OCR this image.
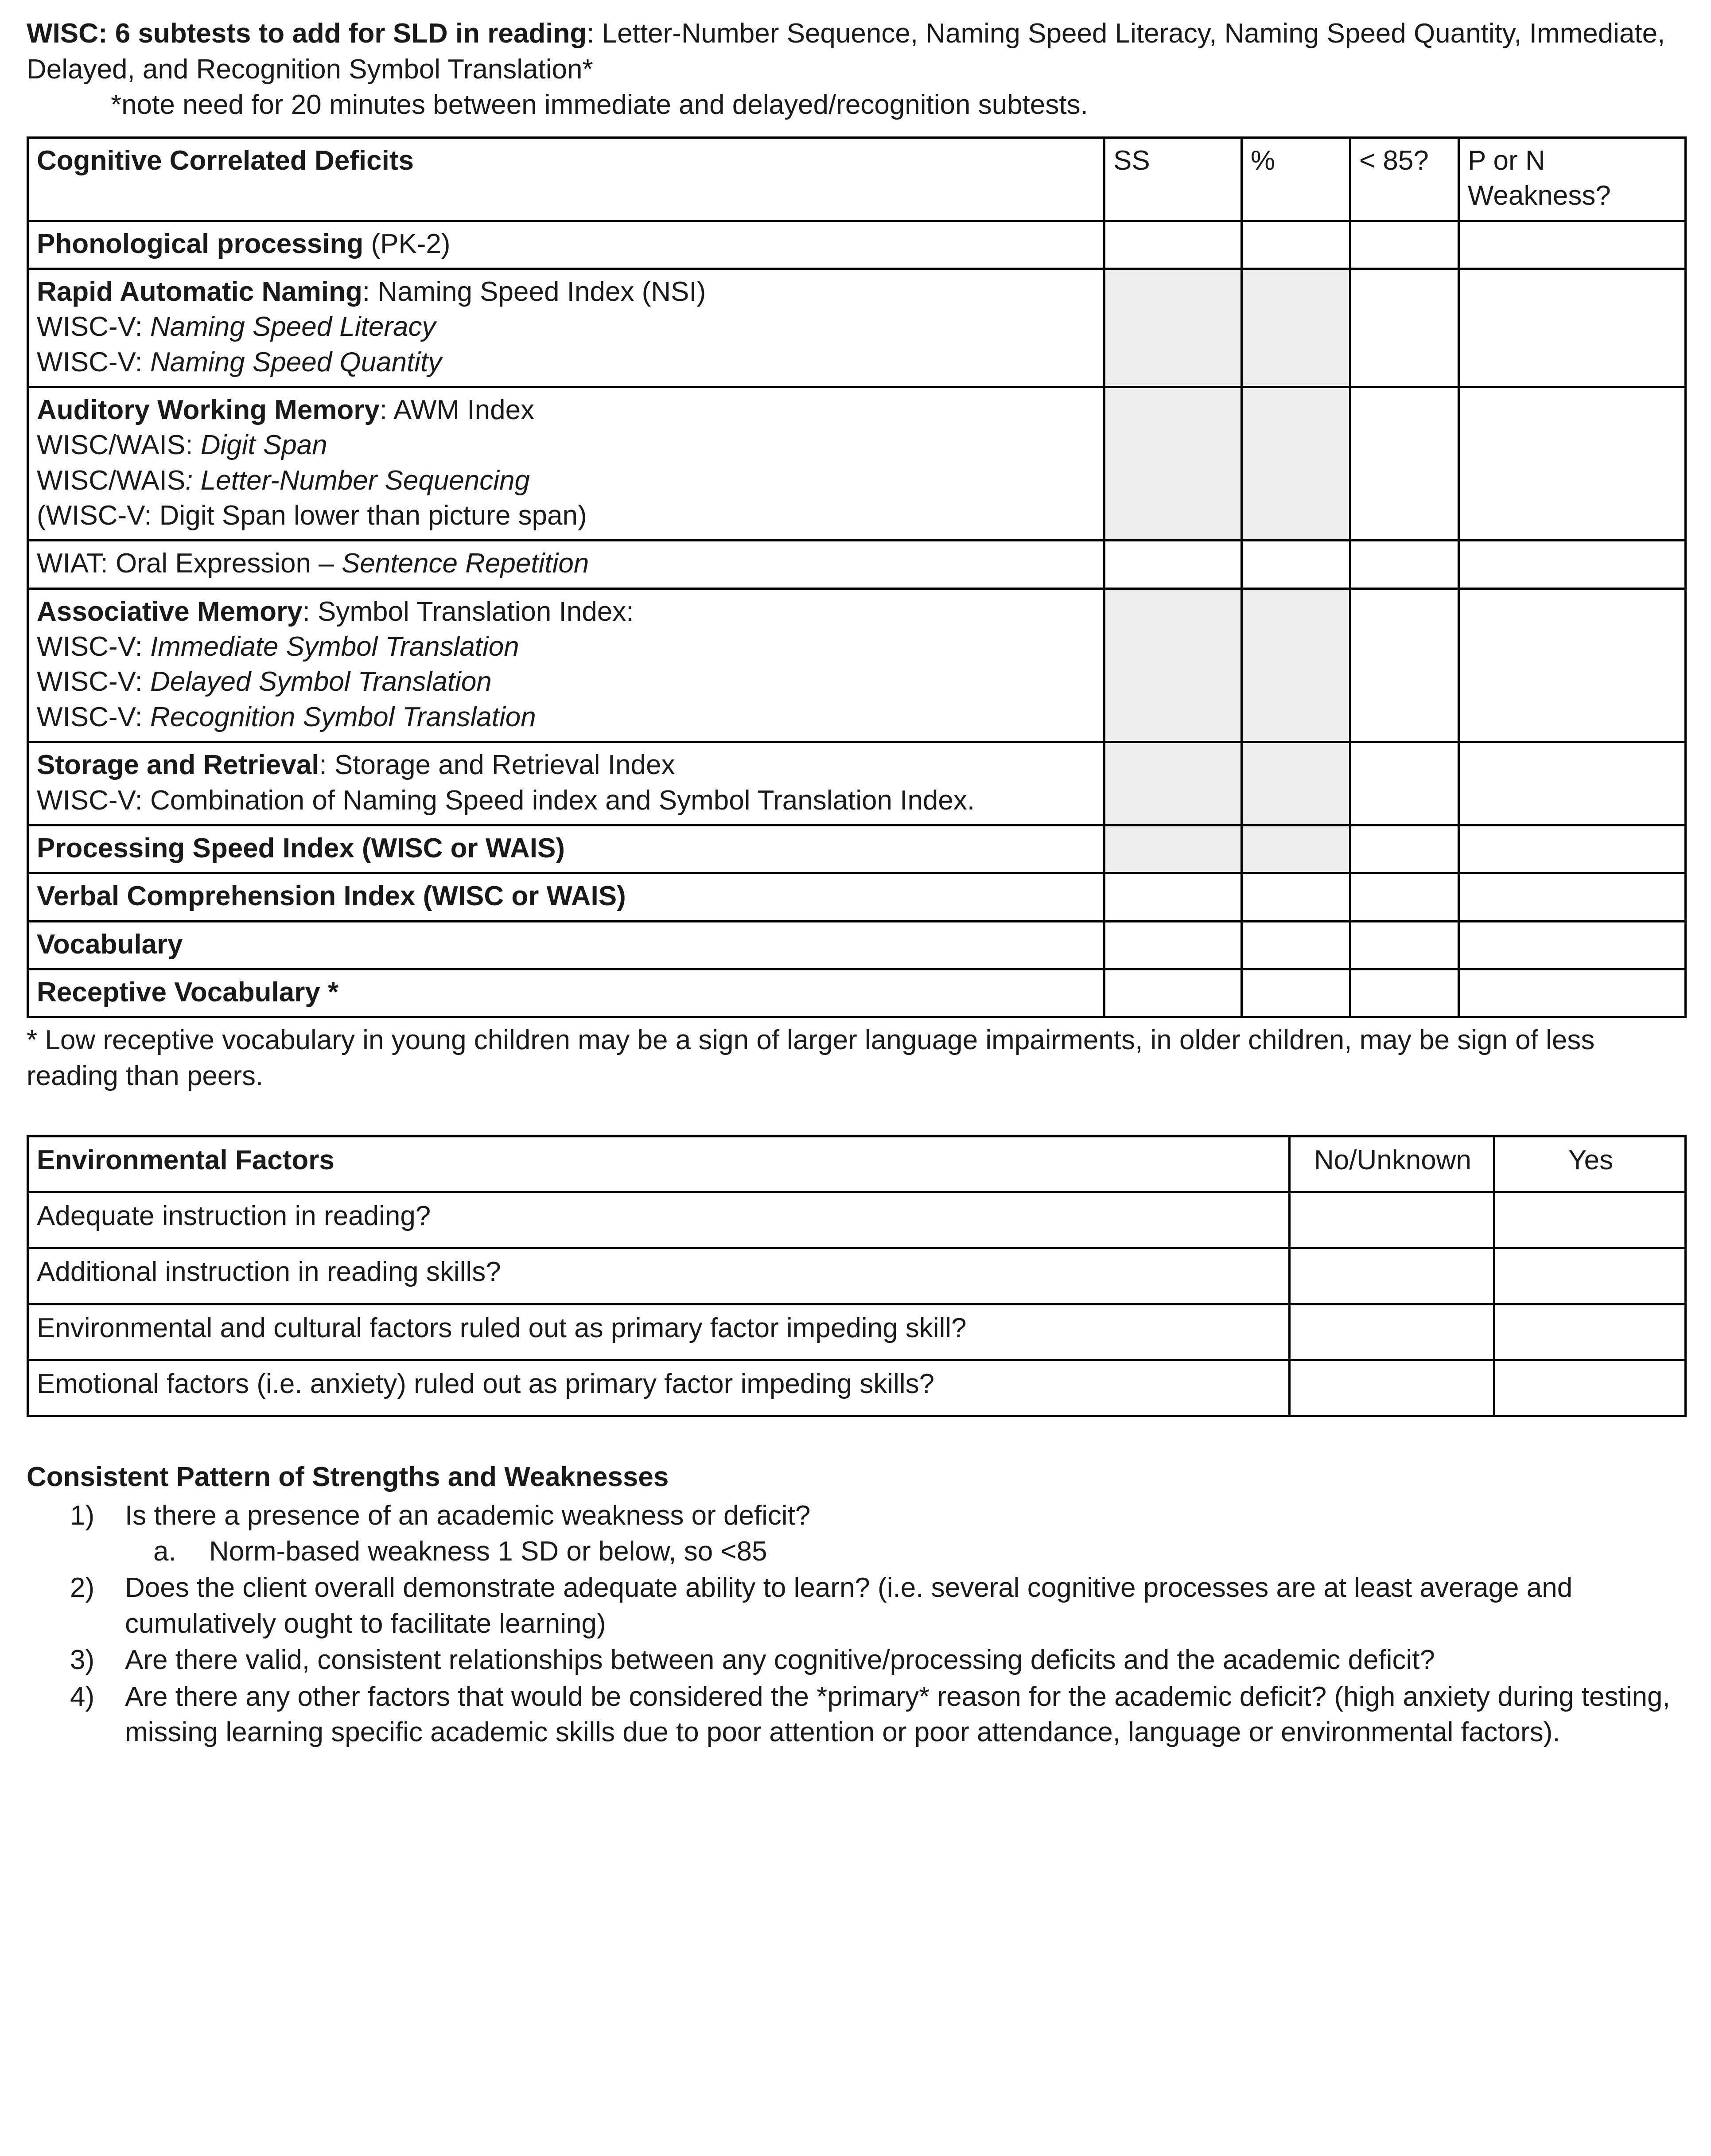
WISC: 6 subtests to add for SLD in reading: Letter-Number Sequence, Naming Speed Literacy, Naming Speed Quantity, Immediate, Delayed, and Recognition Symbol Translation*

*note need for 20 minutes between immediate and delayed/recognition subtests.

Cognitive Correlated Deficits	SS	%	< 85?	P or N
Weakness?

Phonological processing (PK-2)				

Rapid Automatic Naming: Naming Speed Index (NSI)
WISC-V: Naming Speed Literacy
WISC-V: Naming Speed Quantity				

Auditory Working Memory: AWM Index
WISC/WAIS: Digit Span
WISC/WAIS: Letter-Number Sequencing
(WISC-V: Digit Span lower than picture span)				

WIAT: Oral Expression – Sentence Repetition				

Associative Memory: Symbol Translation Index:
WISC-V: Immediate Symbol Translation
WISC-V: Delayed Symbol Translation
WISC-V: Recognition Symbol Translation				

Storage and Retrieval: Storage and Retrieval Index
WISC-V: Combination of Naming Speed index and Symbol Translation Index.				

Processing Speed Index (WISC or WAIS)				

Verbal Comprehension Index (WISC or WAIS)				

Vocabulary				

Receptive Vocabulary *				

* Low receptive vocabulary in young children may be a sign of larger language impairments, in older children, may be sign of less reading than peers.

Environmental Factors	No/Unknown	Yes
Adequate instruction in reading?		
Additional instruction in reading skills?		
Environmental and cultural factors ruled out as primary factor impeding skill?		
Emotional factors (i.e. anxiety) ruled out as primary factor impeding skills?		

Consistent Pattern of Strengths and Weaknesses

Is there a presence of an academic weakness or deficit?
Norm-based weakness 1 SD or below, so <85
Does the client overall demonstrate adequate ability to learn? (i.e. several cognitive processes are at least average and cumulatively ought to facilitate learning)
Are there valid, consistent relationships between any cognitive/processing deficits and the academic deficit?
Are there any other factors that would be considered the *primary* reason for the academic deficit? (high anxiety during testing, missing learning specific academic skills due to poor attention or poor attendance, language or environmental factors).
